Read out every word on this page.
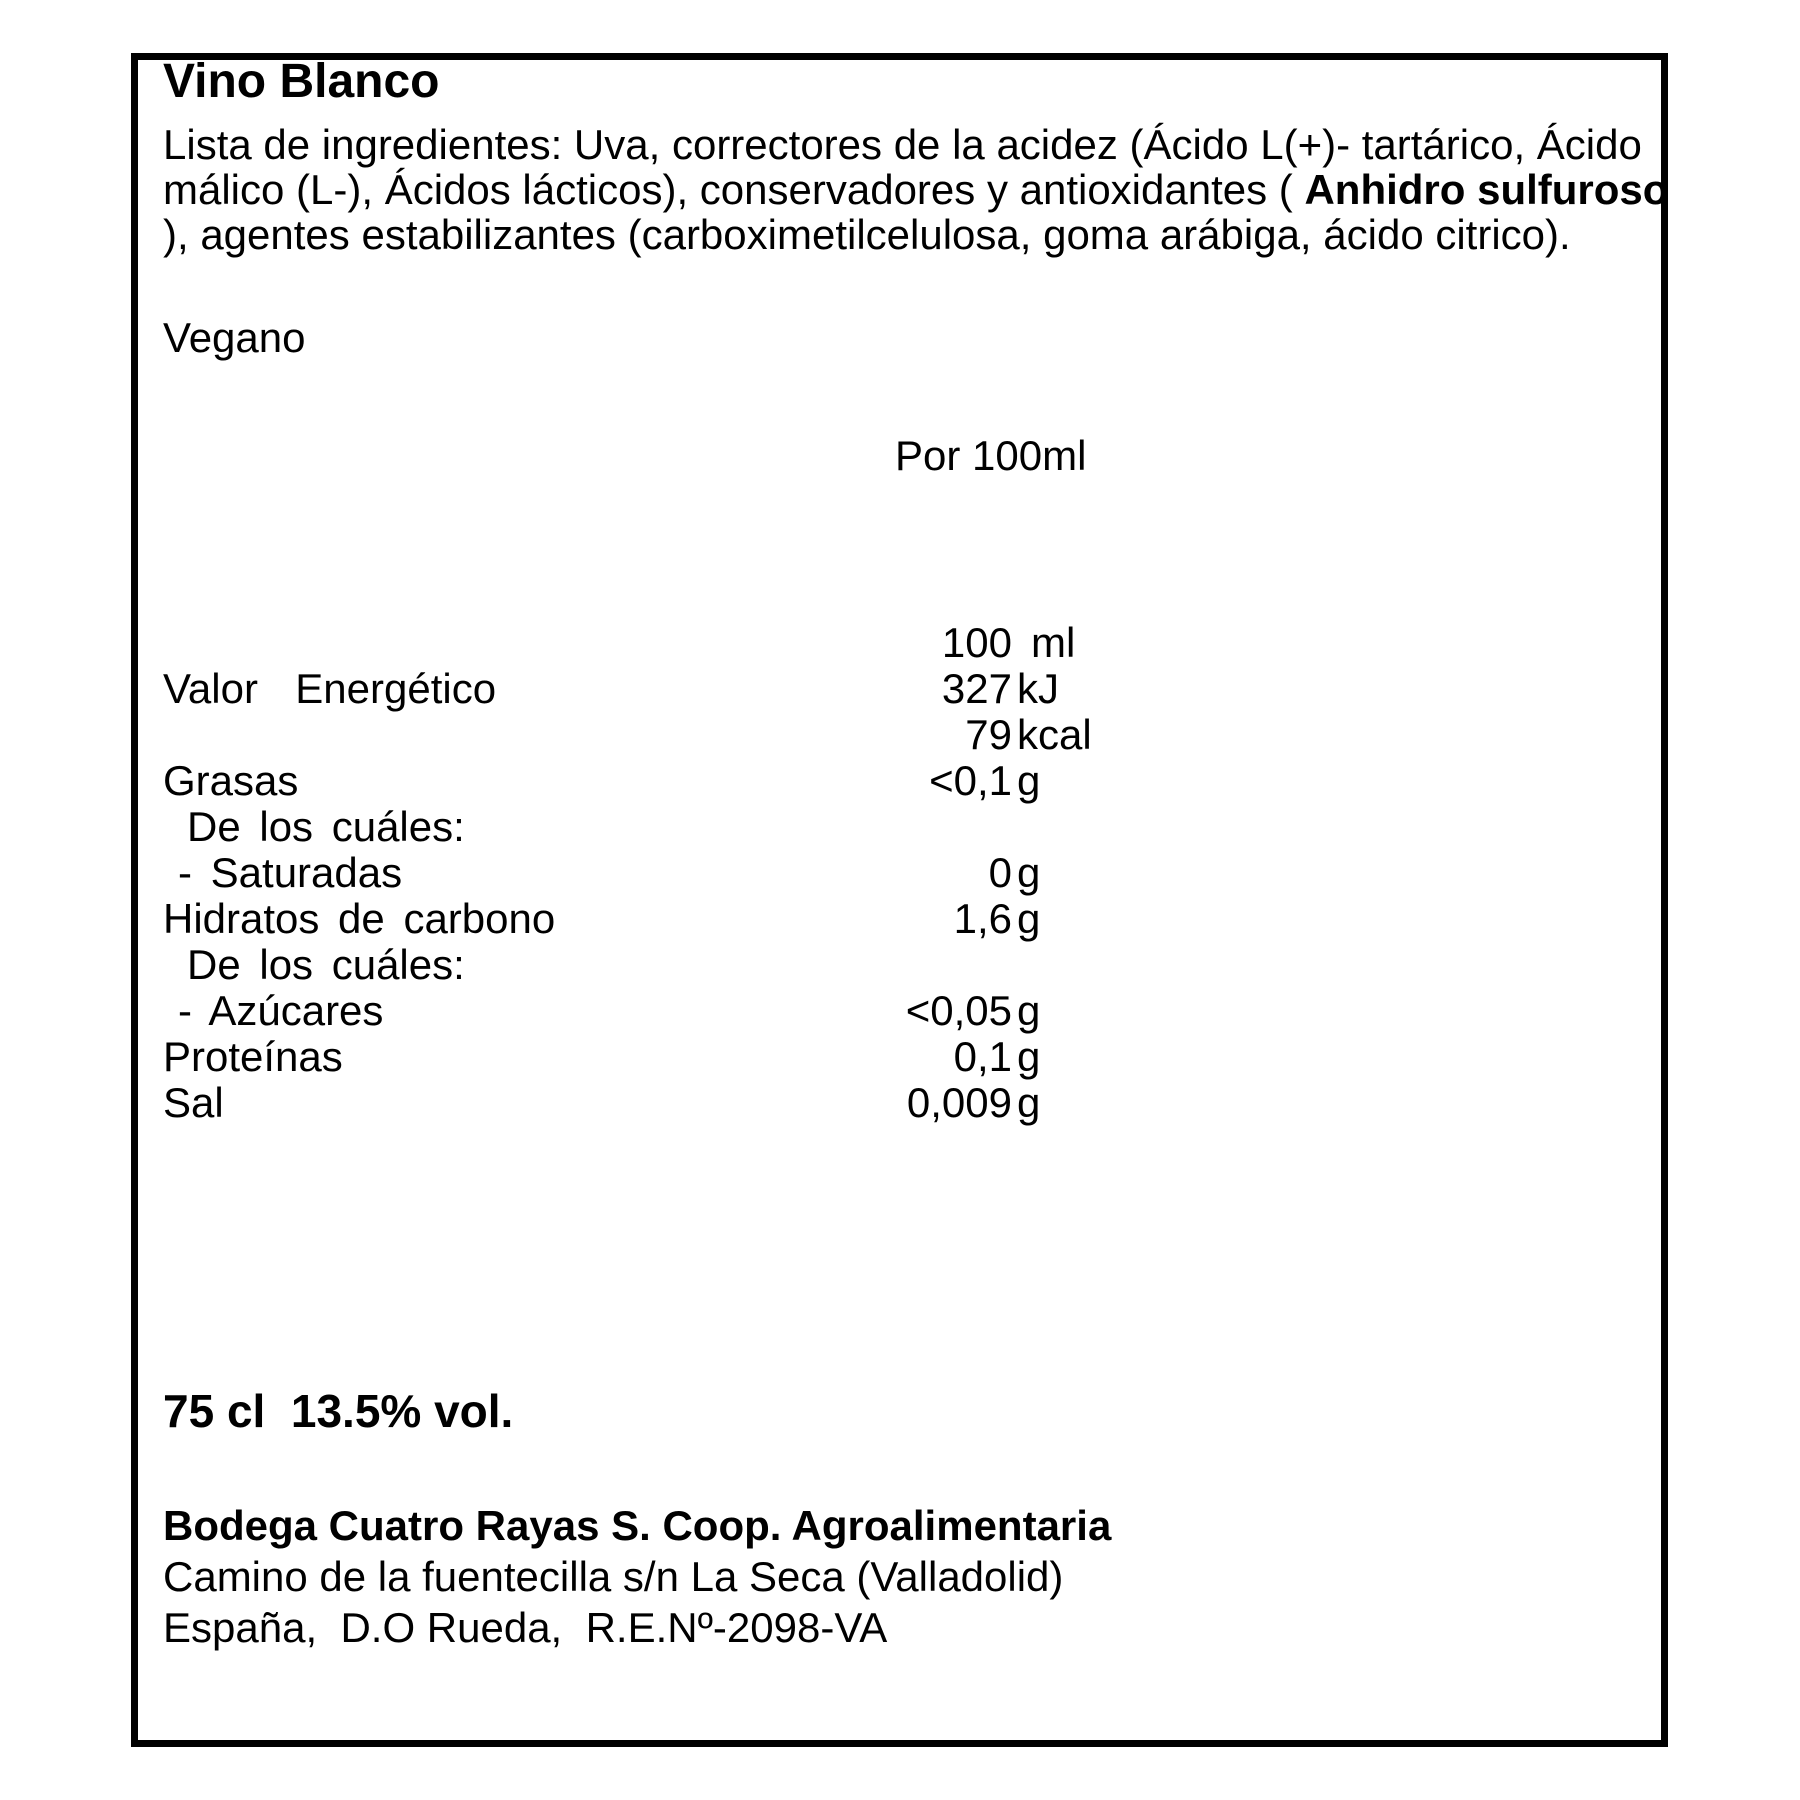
Vino Blanco
Lista de ingredientes: Uva, correctores de la acidez (Ácido L(+)- tartárico, Ácido
málico (L-), Ácidos lácticos), conservadores y antioxidantes ( Anhidro sulfuroso
), agentes estabilizantes (carboximetilcelulosa, goma arábiga, ácido citrico).
Vegano
Por 100ml
100 ml
Valor  Energético	327 kJ
79 kcal
Grasas	<0,1 g
De los cuáles:
- Saturadas	0 g
Hidratos de carbono	1,6 g
De los cuáles:
- Azúcares	<0,05 g
Proteínas	0,1 g
Sal	0,009 g
75 cl  13.5% vol.
Bodega Cuatro Rayas S. Coop. Agroalimentaria
Camino de la fuentecilla s/n La Seca (Valladolid)
España,  D.O Rueda,  R.E.Nº-2098-VA
